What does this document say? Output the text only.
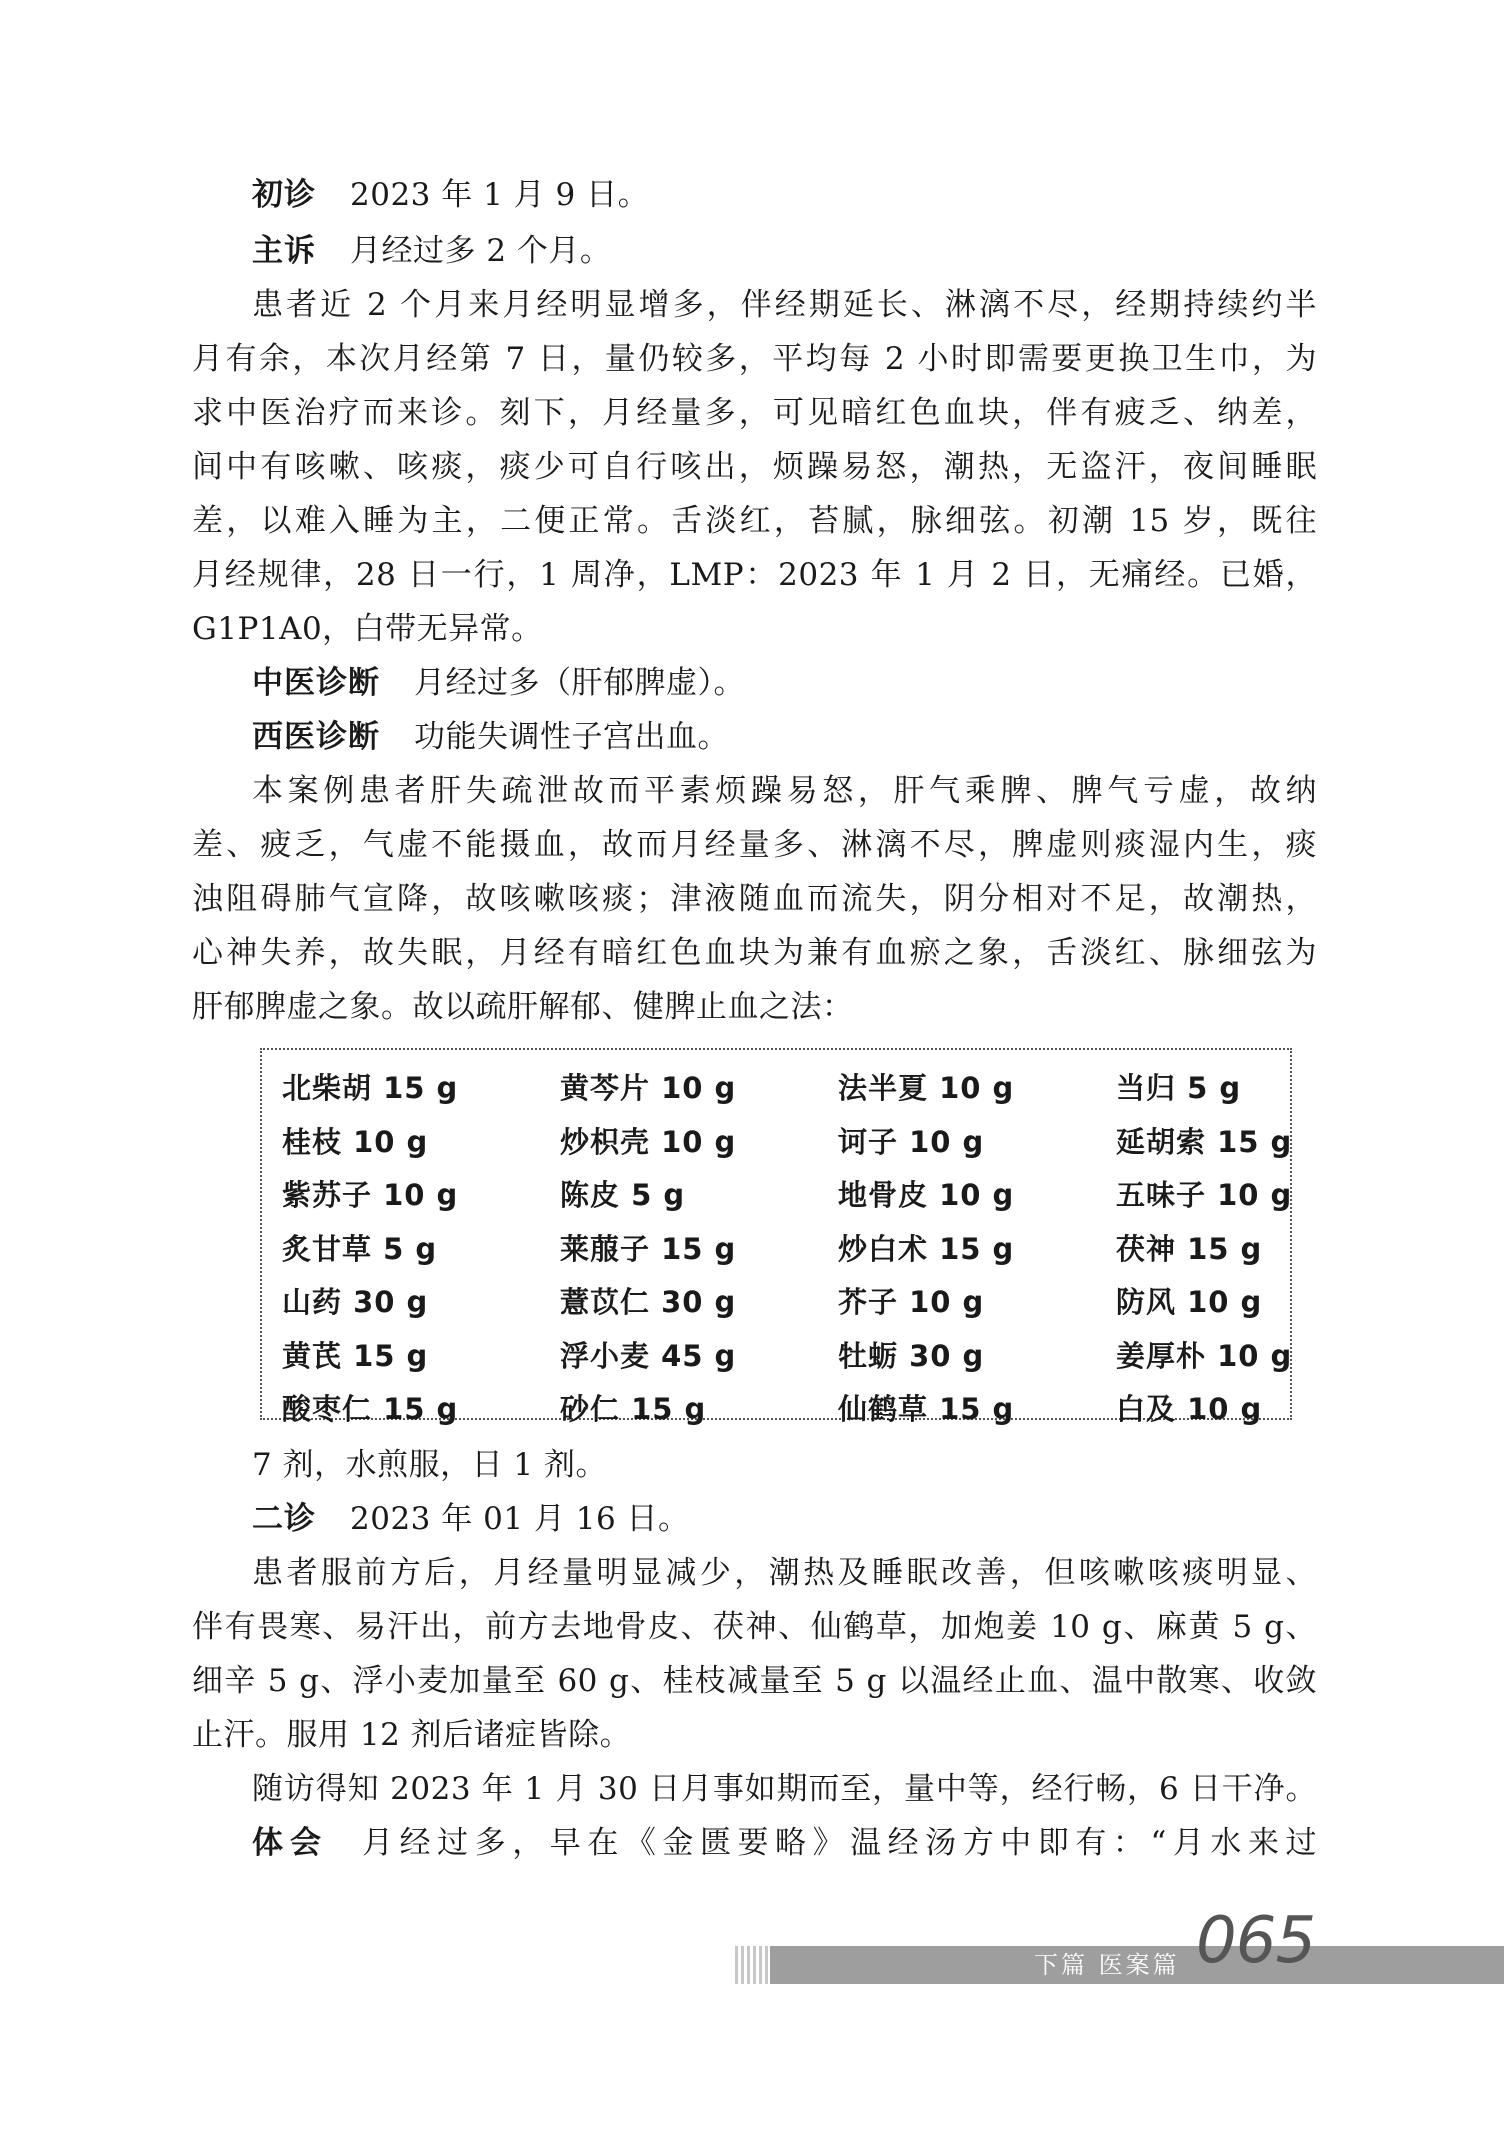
初诊 2023 年 1 月 9 日。
主诉 月经过多 2 个月。
患者近 2 个月来月经明显增多，伴经期延长、淋漓不尽，经期持续约半
月有余，本次月经第 7 日，量仍较多，平均每 2 小时即需要更换卫生巾，为
求中医治疗而来诊。刻下，月经量多，可见暗红色血块，伴有疲乏、纳差，
间中有咳嗽、咳痰，痰少可自行咳出，烦躁易怒，潮热，无盗汗，夜间睡眠
差，以难入睡为主，二便正常。舌淡红，苔腻，脉细弦。初潮 15 岁，既往
月经规律，28 日一行，1 周净，LMP：2023 年 1 月 2 日，无痛经。已婚，
G1P1A0，白带无异常。
中医诊断 月经过多（肝郁脾虚）。
西医诊断 功能失调性子宫出血。
本案例患者肝失疏泄故而平素烦躁易怒，肝气乘脾、脾气亏虚，故纳
差、疲乏，气虚不能摄血，故而月经量多、淋漓不尽，脾虚则痰湿内生，痰
浊阻碍肺气宣降，故咳嗽咳痰；津液随血而流失，阴分相对不足，故潮热，
心神失养，故失眠，月经有暗红色血块为兼有血瘀之象，舌淡红、脉细弦为
肝郁脾虚之象。故以疏肝解郁、健脾止血之法：
北柴胡 15 g	黄芩片 10 g	法半夏 10 g	当归 5 g
桂枝 10 g	炒枳壳 10 g	诃子 10 g	延胡索 15 g
紫苏子 10 g	陈皮 5 g	地骨皮 10 g	五味子 10 g
炙甘草 5 g	莱菔子 15 g	炒白术 15 g	茯神 15 g
山药 30 g	薏苡仁 30 g	芥子 10 g	防风 10 g
黄芪 15 g	浮小麦 45 g	牡蛎 30 g	姜厚朴 10 g
酸枣仁 15 g	砂仁 15 g	仙鹤草 15 g	白及 10 g
7 剂，水煎服，日 1 剂。
二诊 2023 年 01 月 16 日。
患者服前方后，月经量明显减少，潮热及睡眠改善，但咳嗽咳痰明显、
伴有畏寒、易汗出，前方去地骨皮、茯神、仙鹤草，加炮姜 10 g、麻黄 5 g、
细辛 5 g、浮小麦加量至 60 g、桂枝减量至 5 g 以温经止血、温中散寒、收敛
止汗。服用 12 剂后诸症皆除。
随访得知 2023 年 1 月 30 日月事如期而至，量中等，经行畅，6 日干净。
体会 月经过多，早在《金匮要略》温经汤方中即有：“月水来过
下篇 医案篇 065
